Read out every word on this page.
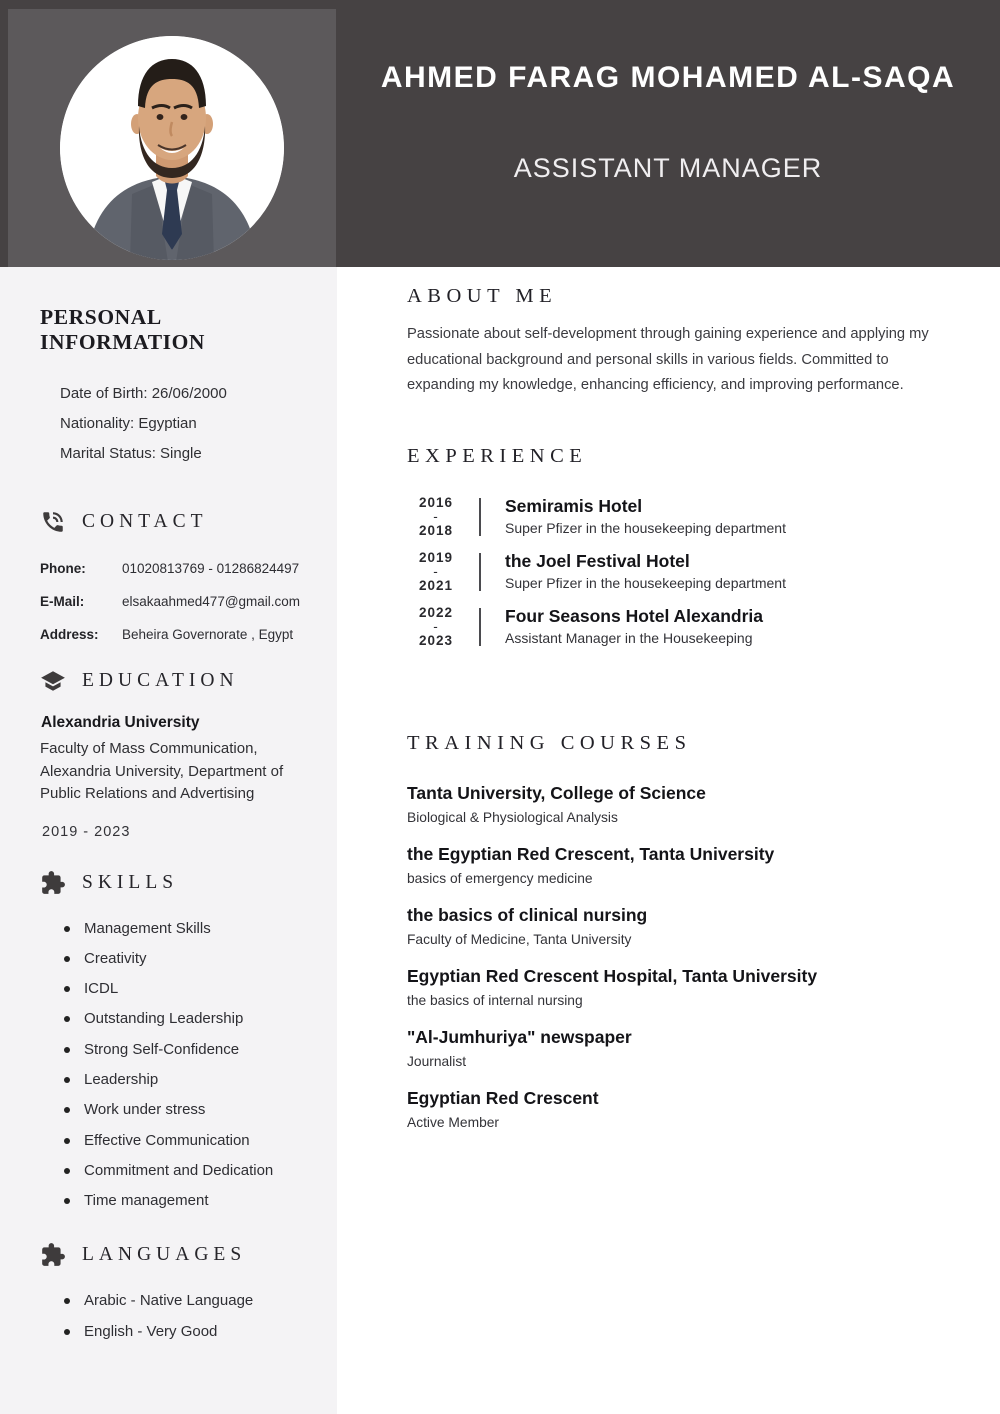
AHMED FARAG MOHAMED AL-SAQA
ASSISTANT MANAGER
PERSONAL INFORMATION
Date of Birth: 26/06/2000
Nationality: Egyptian
Marital Status: Single
CONTACT
Phone:	01020813769 - 01286824497
E-Mail:	elsakaahmed477@gmail.com
Address:	Beheira Governorate , Egypt
EDUCATION
Alexandria University
Faculty of Mass Communication, Alexandria University, Department of Public Relations and Advertising
2019 - 2023
SKILLS
Management Skills
Creativity
ICDL
Outstanding Leadership
Strong Self-Confidence
Leadership
Work under stress
Effective Communication
Commitment and Dedication
Time management
LANGUAGES
Arabic - Native Language
English - Very Good
ABOUT ME
Passionate about self-development through gaining experience and applying my educational background and personal skills in various fields. Committed to expanding my knowledge, enhancing efficiency, and improving performance.
EXPERIENCE
2016
-
2018
Semiramis Hotel
Super Pfizer in the housekeeping department
2019
-
2021
the Joel Festival Hotel
Super Pfizer in the housekeeping department
2022
-
2023
Four Seasons Hotel Alexandria
Assistant Manager in the Housekeeping
TRAINING COURSES
Tanta University, College of Science
Biological & Physiological Analysis
the Egyptian Red Crescent, Tanta University
basics of emergency medicine
the basics of clinical nursing
Faculty of Medicine, Tanta University
Egyptian Red Crescent Hospital, Tanta University
the basics of internal nursing
"Al-Jumhuriya" newspaper
Journalist
Egyptian Red Crescent
Active Member
